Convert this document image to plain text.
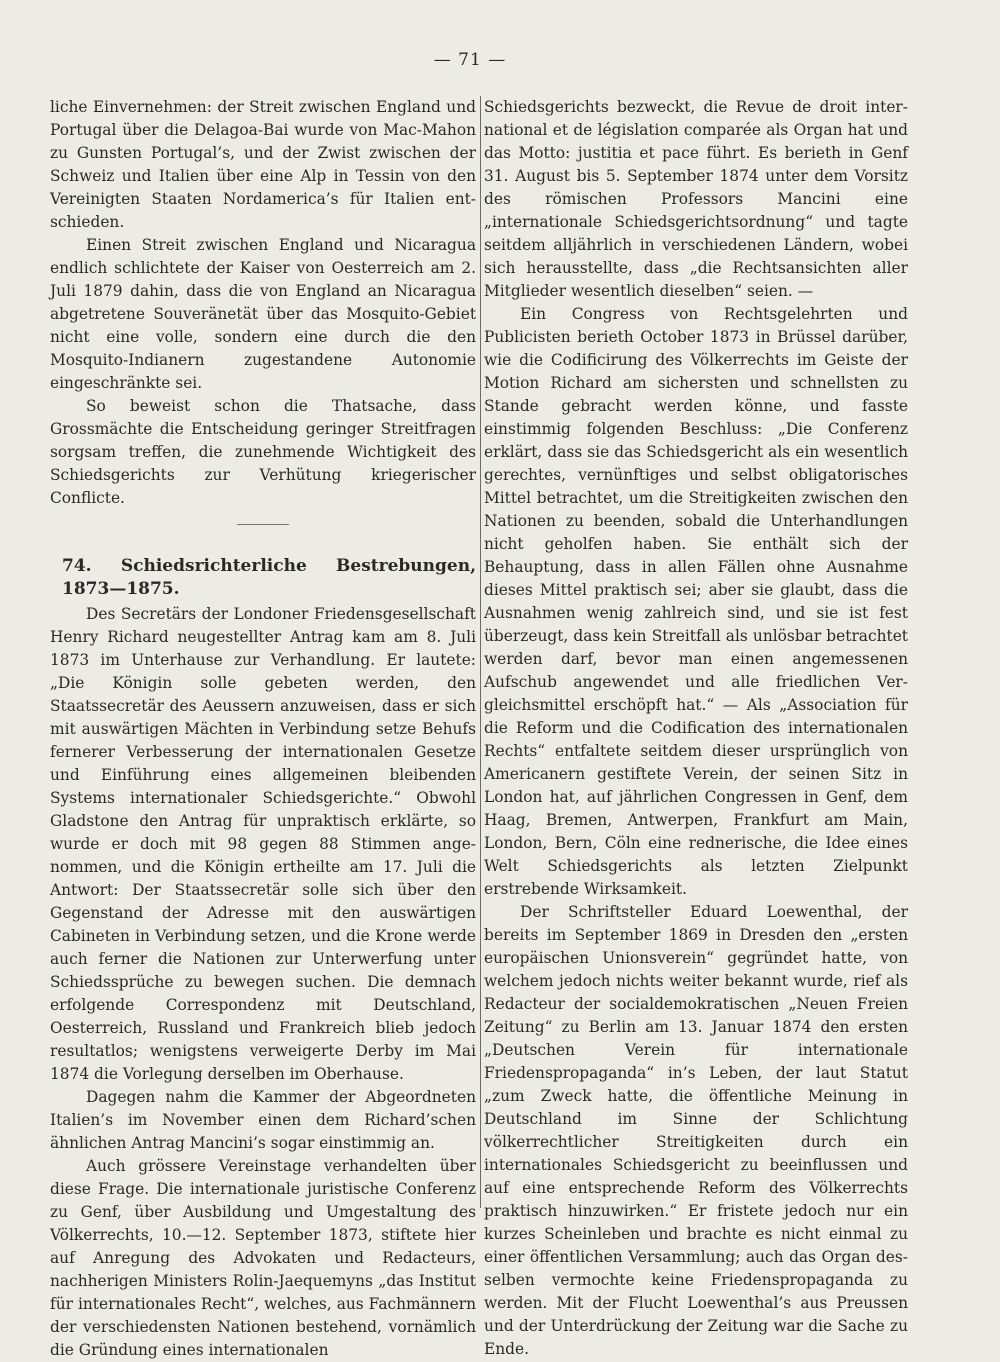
— 71 —

liche Einvernehmen: der Streit zwischen England und Portugal über die Delagoa-Bai wurde von Mac-Mahon zu Gunsten Portugal’s, und der Zwist zwischen der Schweiz und Italien über eine Alp in Tessin von den Vereinigten Staaten Nordamerica’s für Italien entschieden.

Einen Streit zwischen England und Nicaragua endlich schlichtete der Kaiser von Oesterreich am 2. Juli 1879 dahin, dass die von England an Nicaragua abgetretene Souveränetät über das Mosquito-Gebiet nicht eine volle, sondern eine durch die den Mosquito-Indianern zugestandene Autonomie eingeschränkte sei.

So beweist schon die Thatsache, dass Grossmächte die Entscheidung geringer Streitfragen sorgsam treffen, die zunehmende Wichtigkeit des Schiedsgerichts zur Verhütung kriegerischer Conflicte.

74. Schiedsrichterliche Bestrebungen, 1873—1875.

Des Secretärs der Londoner Friedensgesellschaft Henry Richard neugestellter Antrag kam am 8. Juli 1873 im Unterhause zur Verhandlung. Er lautete: „Die Königin solle gebeten werden, den Staatssecretär des Aeussern anzuweisen, dass er sich mit auswärtigen Mächten in Verbindung setze Behufs fernerer Verbesserung der internationalen Gesetze und Einführung eines allgemeinen bleibenden Systems internationaler Schiedsgerichte.“ Obwohl Gladstone den Antrag für unpraktisch erklärte, so wurde er doch mit 98 gegen 88 Stimmen angenommen, und die Königin ertheilte am 17. Juli die Antwort: Der Staatssecretär solle sich über den Gegenstand der Adresse mit den auswärtigen Cabineten in Verbindung setzen, und die Krone werde auch ferner die Nationen zur Unterwerfung unter Schiedssprüche zu bewegen suchen. Die demnach erfolgende Correspondenz mit Deutschland, Oesterreich, Russland und Frankreich blieb jedoch resultatlos; wenigstens verweigerte Derby im Mai 1874 die Vorlegung derselben im Oberhause.

Dagegen nahm die Kammer der Abgeordneten Italien’s im November einen dem Richard’schen ähnlichen Antrag Mancini’s sogar einstimmig an.

Auch grössere Vereinstage verhandelten über diese Frage. Die internationale juristische Conferenz zu Genf, über Ausbildung und Umgestaltung des Völkerrechts, 10.—12. September 1873, stiftete hier auf Anregung des Advokaten und Redacteurs, nachherigen Ministers Rolin-Jaequemyns „das Institut für internationales Recht“, welches, aus Fachmännern der verschiedensten Nationen bestehend, vornämlich die Gründung eines internationalen

Schiedsgerichts bezweckt, die Revue de droit international et de législation comparée als Organ hat und das Motto: justitia et pace führt. Es berieth in Genf 31. August bis 5. September 1874 unter dem Vorsitz des römischen Professors Mancini eine „internationale Schiedsgerichtsordnung“ und tagte seitdem alljährlich in verschiedenen Ländern, wobei sich herausstellte, dass „die Rechtsansichten aller Mitglieder wesentlich dieselben“ seien. —

Ein Congress von Rechtsgelehrten und Publicisten berieth October 1873 in Brüssel darüber, wie die Codificirung des Völkerrechts im Geiste der Motion Richard am sichersten und schnellsten zu Stande gebracht werden könne, und fasste einstimmig folgenden Beschluss: „Die Conferenz erklärt, dass sie das Schiedsgericht als ein wesentlich gerechtes, vernünftiges und selbst obligatorisches Mittel betrachtet, um die Streitigkeiten zwischen den Nationen zu beenden, sobald die Unterhandlungen nicht geholfen haben. Sie enthält sich der Behauptung, dass in allen Fällen ohne Ausnahme dieses Mittel praktisch sei; aber sie glaubt, dass die Ausnahmen wenig zahlreich sind, und sie ist fest überzeugt, dass kein Streitfall als unlösbar betrachtet werden darf, bevor man einen angemessenen Aufschub angewendet und alle friedlichen Vergleichsmittel erschöpft hat.“ — Als „Association für die Reform und die Codification des internationalen Rechts“ entfaltete seitdem dieser ursprünglich von Americanern gestiftete Verein, der seinen Sitz in London hat, auf jährlichen Congressen in Genf, dem Haag, Bremen, Antwerpen, Frankfurt am Main, London, Bern, Cöln eine rednerische, die Idee eines Welt Schiedsgerichts als letzten Zielpunkt erstrebende Wirksamkeit.

Der Schriftsteller Eduard Loewenthal, der bereits im September 1869 in Dresden den „ersten europäischen Unionsverein“ gegründet hatte, von welchem jedoch nichts weiter bekannt wurde, rief als Redacteur der socialdemokratischen „Neuen Freien Zeitung“ zu Berlin am 13. Januar 1874 den ersten „Deutschen Verein für internationale Friedenspropaganda“ in’s Leben, der laut Statut „zum Zweck hatte, die öffentliche Meinung in Deutschland im Sinne der Schlichtung völkerrechtlicher Streitigkeiten durch ein internationales Schiedsgericht zu beeinflussen und auf eine entsprechende Reform des Völkerrechts praktisch hinzuwirken.“ Er fristete jedoch nur ein kurzes Scheinleben und brachte es nicht einmal zu einer öffentlichen Versammlung; auch das Organ desselben vermochte keine Friedenspropaganda zu werden. Mit der Flucht Loewenthal’s aus Preussen und der Unterdrückung der Zeitung war die Sache zu Ende.
